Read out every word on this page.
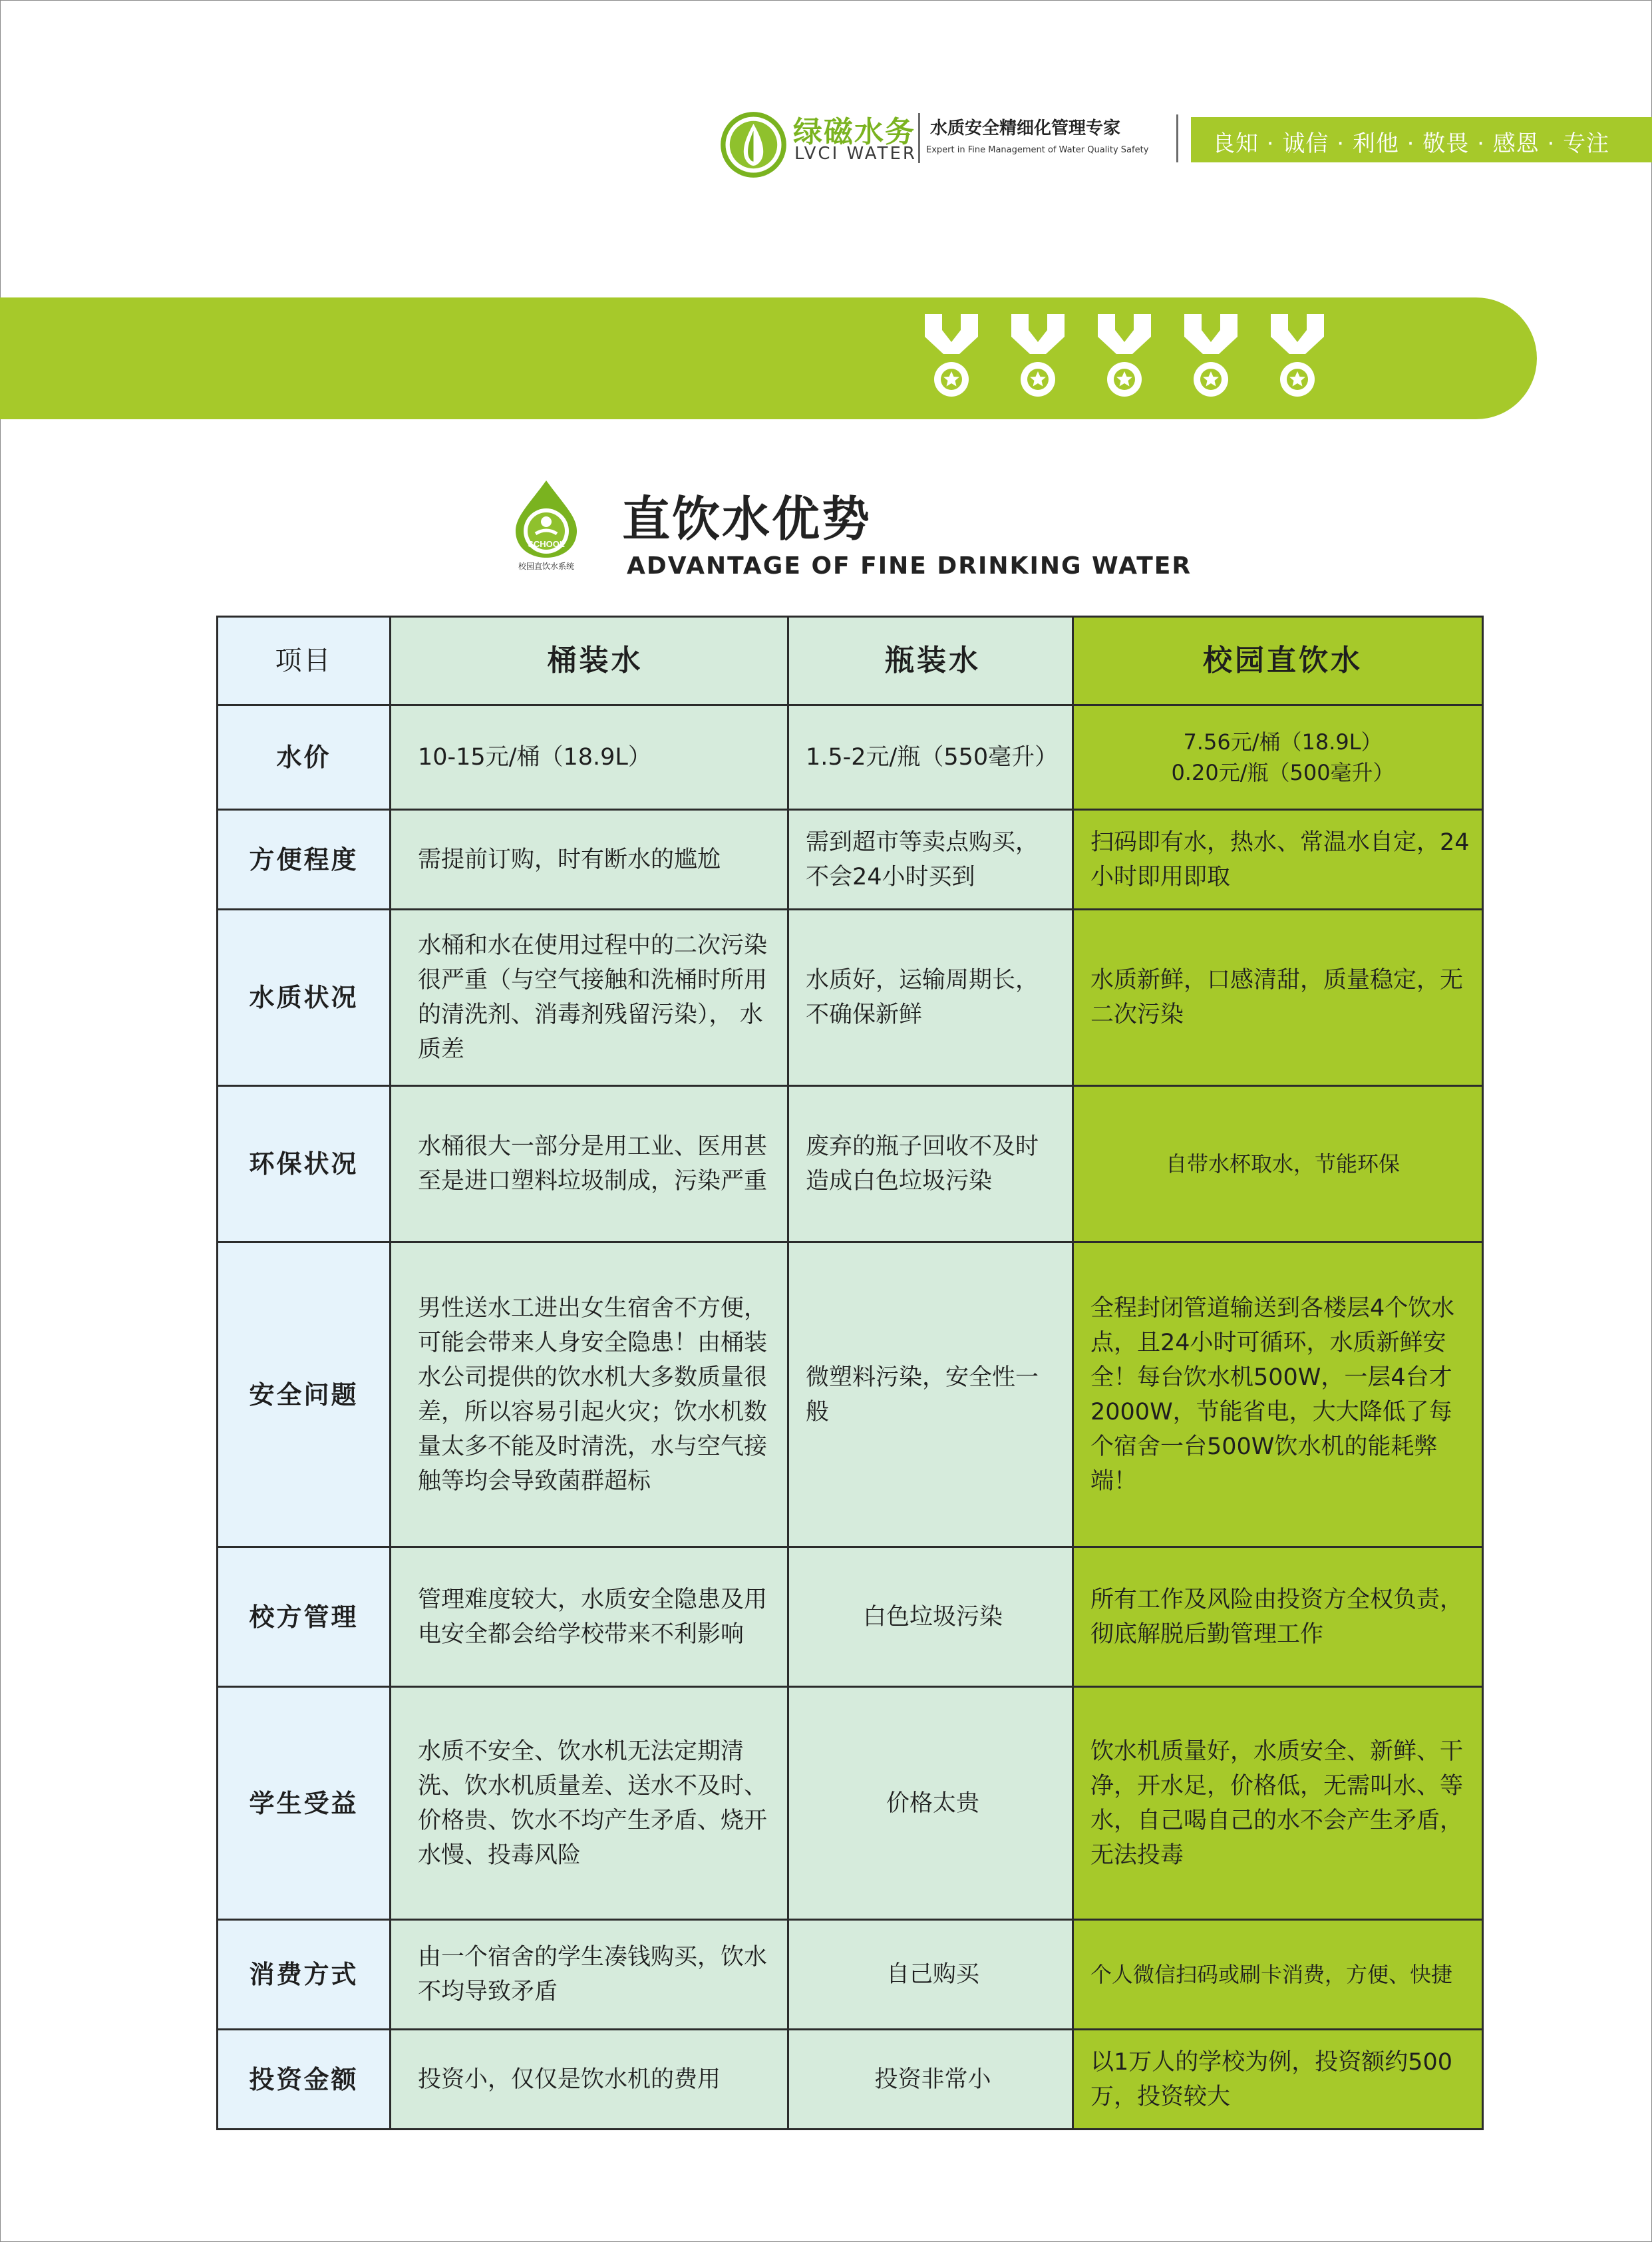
绿磁水务
LVCI WATER
水质安全精细化管理专家
Expert in Fine Management of Water Quality Safety	良知 · 诚信 · 利他 · 敬畏 · 感恩 · 专注
SCHOOL
校园直饮水系统
直饮水优势
ADVANTAGE OF FINE DRINKING WATER
项目	桶装水	瓶装水	校园直饮水
水价	10-15元/桶（18.9L）	1.5-2元/瓶（550毫升）	7.56元/桶（18.9L）
0.20元/瓶（500毫升）

方便程度	需提前订购，时有断水的尴尬	需到超市等卖点购买，不会24小时买到	扫码即有水，热水、常温水自定，24小时即用即取
水质状况	水桶和水在使用过程中的二次污染很严重（与空气接触和洗桶时所用的清洗剂、消毒剂残留污染）， 水质差	水质好，运输周期长，不确保新鲜	水质新鲜，口感清甜，质量稳定，无二次污染
环保状况	水桶很大一部分是用工业、医用甚至是进口塑料垃圾制成，污染严重	废弃的瓶子回收不及时造成白色垃圾污染	自带水杯取水，节能环保
安全问题	男性送水工进出女生宿舍不方便，可能会带来人身安全隐患！由桶装水公司提供的饮水机大多数质量很差，所以容易引起火灾；饮水机数量太多不能及时清洗，水与空气接触等均会导致菌群超标	微塑料污染，安全性一般	全程封闭管道输送到各楼层4个饮水点，且24小时可循环，水质新鲜安全！每台饮水机500W，一层4台才2000W，节能省电，大大降低了每个宿舍一台500W饮水机的能耗弊端！
校方管理	管理难度较大，水质安全隐患及用电安全都会给学校带来不利影响	白色垃圾污染	所有工作及风险由投资方全权负责，彻底解脱后勤管理工作
学生受益	水质不安全、饮水机无法定期清洗、饮水机质量差、送水不及时、价格贵、饮水不均产生矛盾、烧开水慢、投毒风险	价格太贵	饮水机质量好，水质安全、新鲜、干净，开水足，价格低，无需叫水、等水，自己喝自己的水不会产生矛盾，无法投毒
消费方式	由一个宿舍的学生凑钱购买，饮水不均导致矛盾	自己购买	个人微信扫码或刷卡消费，方便、快捷
投资金额	投资小，仅仅是饮水机的费用	投资非常小	以1万人的学校为例，投资额约500万，投资较大
